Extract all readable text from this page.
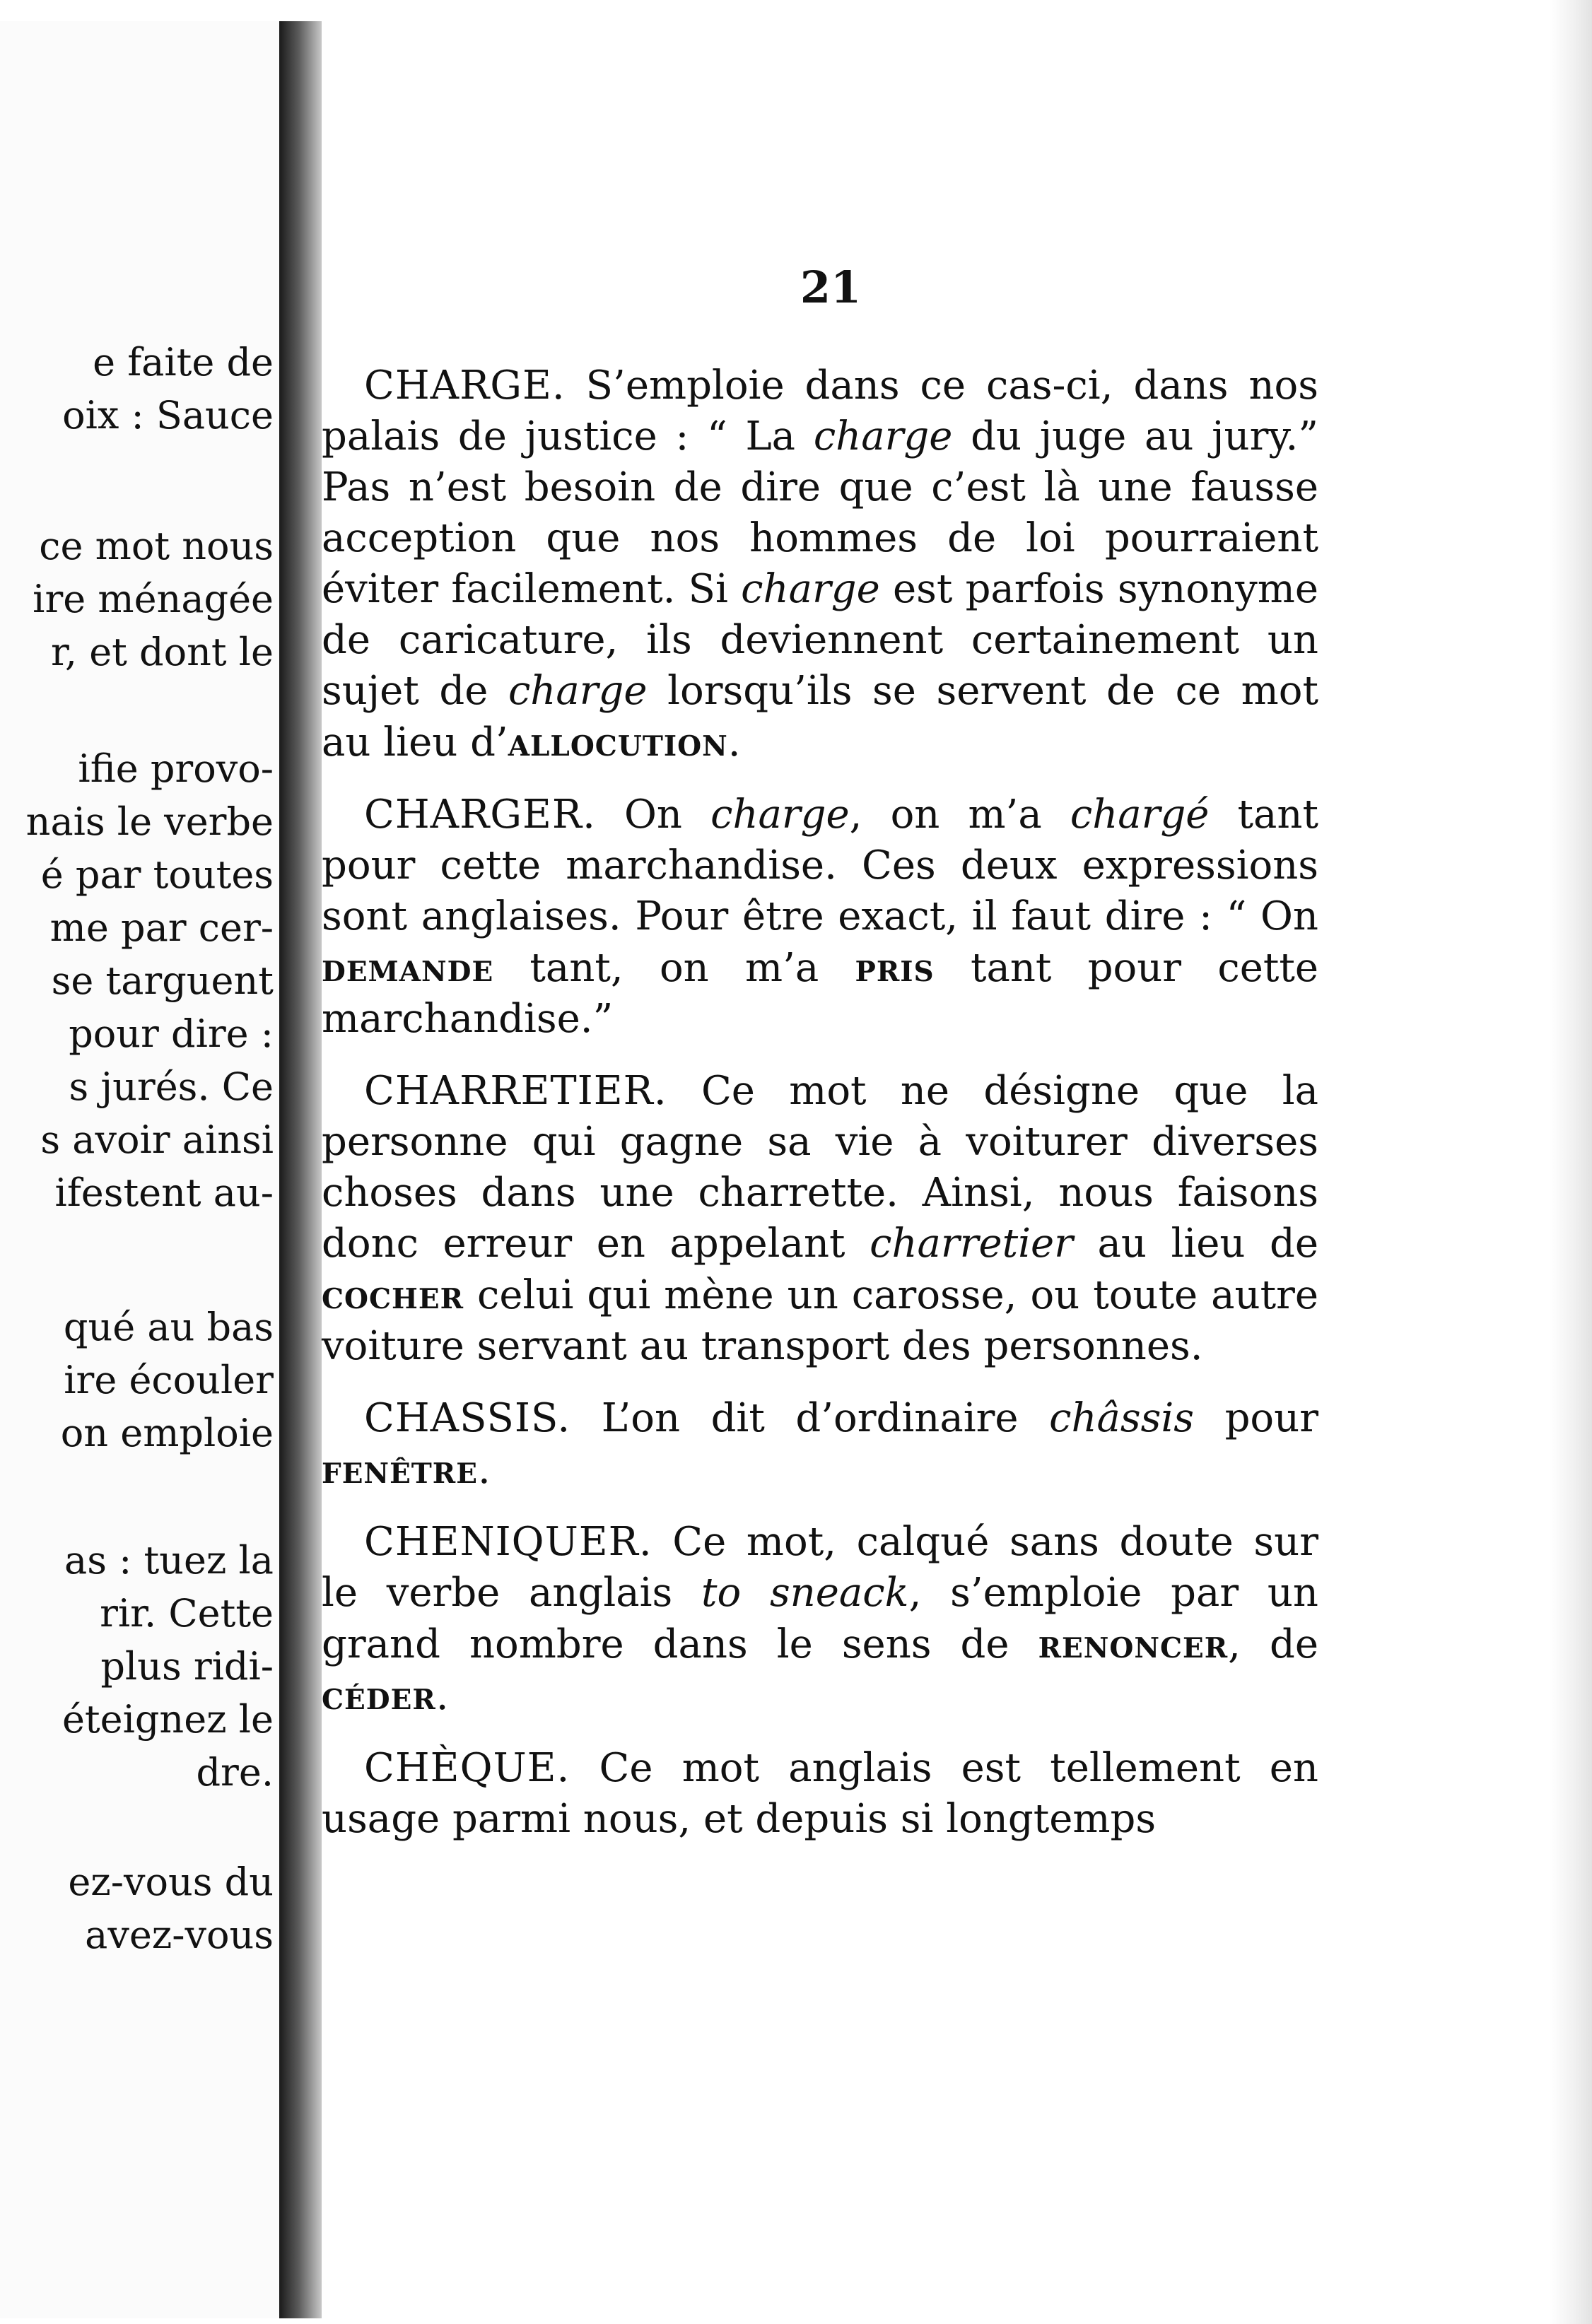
e faite de
oix : Sauce
ce mot nous
ire ménagée
r, et dont le
ifie provo-
nais le verbe
é par toutes
me par cer-
se targuent
pour dire :
s jurés. Ce
s avoir ainsi
ifestent au-
qué au bas
ire écouler
on emploie
as : tuez la
rir. Cette
plus ridi-
éteignez le
dre.
ez-vous du
avez-vous
21

CHARGE. S’emploie dans ce cas-ci, dans nos palais de justice : “ La charge du juge au jury.” Pas n’est besoin de dire que c’est là une fausse acception que nos hommes de loi pourraient éviter facilement. Si charge est parfois synonyme de caricature, ils deviennent certainement un sujet de charge lorsqu’ils se servent de ce mot au lieu d’allocution.

CHARGER. On charge, on m’a chargé tant pour cette marchandise. Ces deux expressions sont anglaises. Pour être exact, il faut dire : “ On demande tant, on m’a pris tant pour cette marchandise.”

CHARRETIER. Ce mot ne désigne que la personne qui gagne sa vie à voiturer diverses choses dans une charrette. Ainsi, nous faisons donc erreur en appelant charretier au lieu de cocher celui qui mène un carosse, ou toute autre voiture servant au transport des personnes.

CHASSIS. L’on dit d’ordinaire châssis pour fenêtre.

CHENIQUER. Ce mot, calqué sans doute sur le verbe anglais to sneack, s’emploie par un grand nombre dans le sens de renoncer, de céder.

CHÈQUE. Ce mot anglais est tellement en usage parmi nous, et depuis si longtemps
